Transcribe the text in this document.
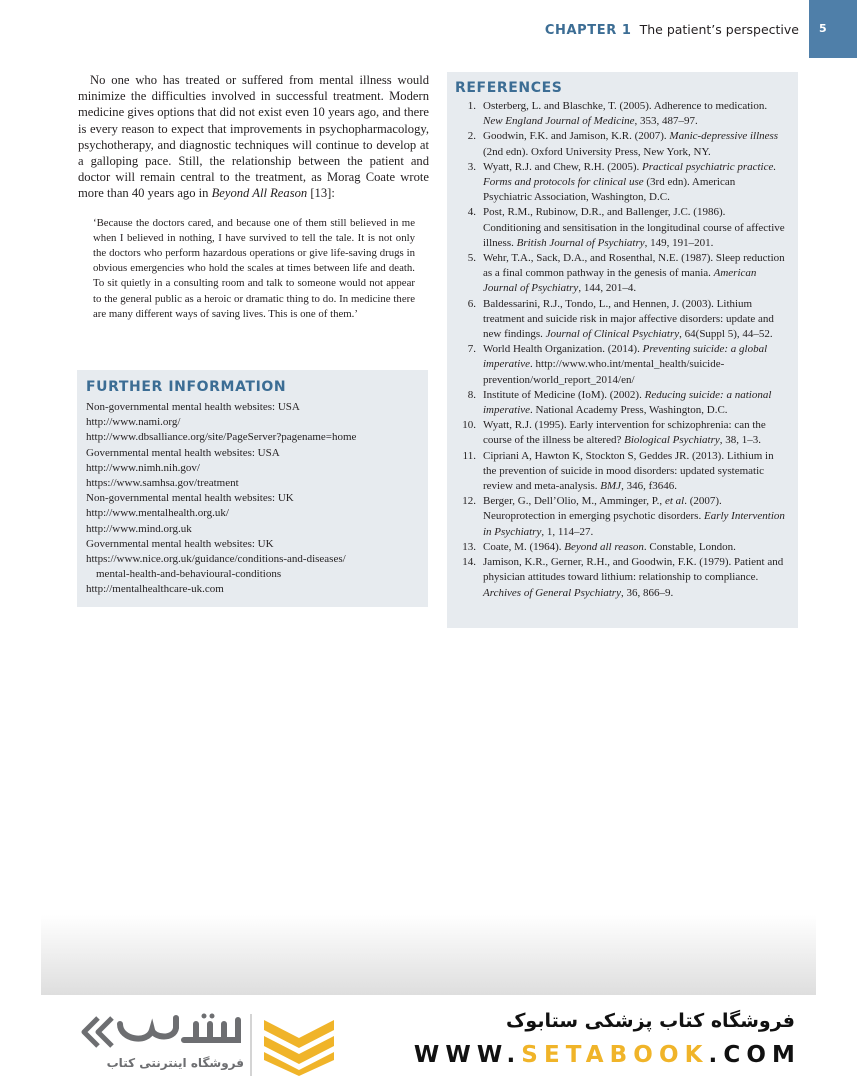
CHAPTER 1 The patient’s perspective 5

No one who has treated or suffered from mental illness would minimize the difficulties involved in successful treatment. Modern medicine gives options that did not exist even 10 years ago, and there is every reason to expect that improvements in psychopharmacology, psychotherapy, and diagnostic techniques will continue to develop at a galloping pace. Still, the relationship between the patient and doctor will remain central to the treatment, as Morag Coate wrote more than 40 years ago in Beyond All Reason [13]:

‘Because the doctors cared, and because one of them still believed in me when I believed in nothing, I have survived to tell the tale. It is not only the doctors who perform hazardous operations or give life-saving drugs in obvious emergencies who hold the scales at times between life and death. To sit quietly in a consulting room and talk to someone would not appear to the general public as a heroic or dramatic thing to do. In medicine there are many different ways of saving lives. This is one of them.’

FURTHER INFORMATION
Non-governmental mental health websites: USA
http://www.nami.org/
http://www.dbsalliance.org/site/PageServer?pagename=home
Governmental mental health websites: USA
http://www.nimh.nih.gov/
https://www.samhsa.gov/treatment
Non-governmental mental health websites: UK
http://www.mentalhealth.org.uk/
http://www.mind.org.uk
Governmental mental health websites: UK
https://www.nice.org.uk/guidance/conditions-and-diseases/
mental-health-and-behavioural-conditions
http://mentalhealthcare-uk.com
REFERENCES
1. Osterberg, L. and Blaschke, T. (2005). Adherence to medication. New England Journal of Medicine, 353, 487–97.
2. Goodwin, F.K. and Jamison, K.R. (2007). Manic-depressive illness (2nd edn). Oxford University Press, New York, NY.
3. Wyatt, R.J. and Chew, R.H. (2005). Practical psychiatric practice. Forms and protocols for clinical use (3rd edn). American Psychiatric Association, Washington, D.C.
4. Post, R.M., Rubinow, D.R., and Ballenger, J.C. (1986). Conditioning and sensitisation in the longitudinal course of affective illness. British Journal of Psychiatry, 149, 191–201.
5. Wehr, T.A., Sack, D.A., and Rosenthal, N.E. (1987). Sleep reduction as a final common pathway in the genesis of mania. American Journal of Psychiatry, 144, 201–4.
6. Baldessarini, R.J., Tondo, L., and Hennen, J. (2003). Lithium treatment and suicide risk in major affective disorders: update and new findings. Journal of Clinical Psychiatry, 64(Suppl 5), 44–52.
7. World Health Organization. (2014). Preventing suicide: a global imperative. http://www.who.int/mental_health/suicide-prevention/world_report_2014/en/
8. Institute of Medicine (IoM). (2002). Reducing suicide: a national imperative. National Academy Press, Washington, D.C.
10. Wyatt, R.J. (1995). Early intervention for schizophrenia: can the course of the illness be altered? Biological Psychiatry, 38, 1–3.
11. Cipriani A, Hawton K, Stockton S, Geddes JR. (2013). Lithium in the prevention of suicide in mood disorders: updated systematic review and meta-analysis. BMJ, 346, f3646.
12. Berger, G., Dell’Olio, M., Amminger, P., et al. (2007). Neuroprotection in emerging psychotic disorders. Early Intervention in Psychiatry, 1, 114–27.
13. Coate, M. (1964). Beyond all reason. Constable, London.
14. Jamison, K.R., Gerner, R.H., and Goodwin, F.K. (1979). Patient and physician attitudes toward lithium: relationship to compliance. Archives of General Psychiatry, 36, 866–9.
فروشگاه اینترنتی کتاب
فروشگاه کتاب پزشکی ستابوک
WWW.SETABOOK.COM
